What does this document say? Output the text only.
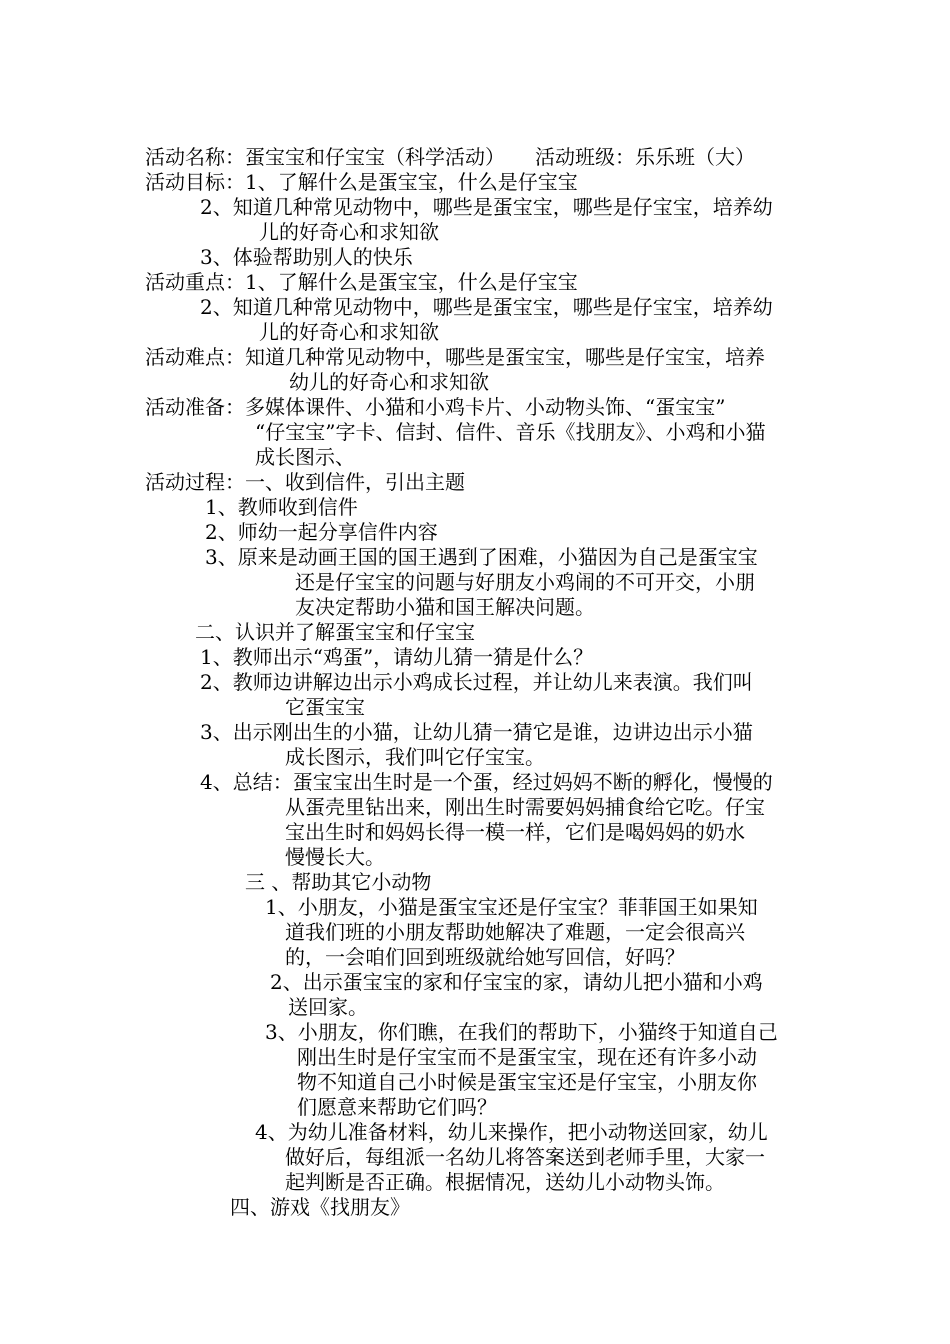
活动名称：蛋宝宝和仔宝宝（科学活动）　　活动班级：乐乐班（大）
活动目标：1、了解什么是蛋宝宝，什么是仔宝宝
2、知道几种常见动物中，哪些是蛋宝宝，哪些是仔宝宝，培养幼
儿的好奇心和求知欲
3、体验帮助别人的快乐
活动重点：1、了解什么是蛋宝宝，什么是仔宝宝
2、知道几种常见动物中，哪些是蛋宝宝，哪些是仔宝宝，培养幼
儿的好奇心和求知欲
活动难点：知道几种常见动物中，哪些是蛋宝宝，哪些是仔宝宝，培养
幼儿的好奇心和求知欲
活动准备：多媒体课件、小猫和小鸡卡片、小动物头饰、“蛋宝宝”
“仔宝宝”字卡、信封、信件、音乐《找朋友》、小鸡和小猫
成长图示、
活动过程：一、收到信件，引出主题
1、教师收到信件
2、师幼一起分享信件内容
3、原来是动画王国的国王遇到了困难，小猫因为自己是蛋宝宝
还是仔宝宝的问题与好朋友小鸡闹的不可开交，小朋
友决定帮助小猫和国王解决问题。
二、认识并了解蛋宝宝和仔宝宝
1、教师出示“鸡蛋”，请幼儿猜一猜是什么？
2、教师边讲解边出示小鸡成长过程，并让幼儿来表演。我们叫
它蛋宝宝
3、出示刚出生的小猫，让幼儿猜一猜它是谁，边讲边出示小猫
成长图示，我们叫它仔宝宝。
4、总结：蛋宝宝出生时是一个蛋，经过妈妈不断的孵化，慢慢的
从蛋壳里钻出来，刚出生时需要妈妈捕食给它吃。仔宝
宝出生时和妈妈长得一模一样，它们是喝妈妈的奶水
慢慢长大。
三 、帮助其它小动物
1、小朋友，小猫是蛋宝宝还是仔宝宝？菲菲国王如果知
道我们班的小朋友帮助她解决了难题，一定会很高兴
的，一会咱们回到班级就给她写回信，好吗？
2、出示蛋宝宝的家和仔宝宝的家，请幼儿把小猫和小鸡
送回家。
3、小朋友，你们瞧，在我们的帮助下，小猫终于知道自己
刚出生时是仔宝宝而不是蛋宝宝，现在还有许多小动
物不知道自己小时候是蛋宝宝还是仔宝宝，小朋友你
们愿意来帮助它们吗？
4、为幼儿准备材料，幼儿来操作，把小动物送回家，幼儿
做好后，每组派一名幼儿将答案送到老师手里，大家一
起判断是否正确。根据情况，送幼儿小动物头饰。
四、游戏《找朋友》
